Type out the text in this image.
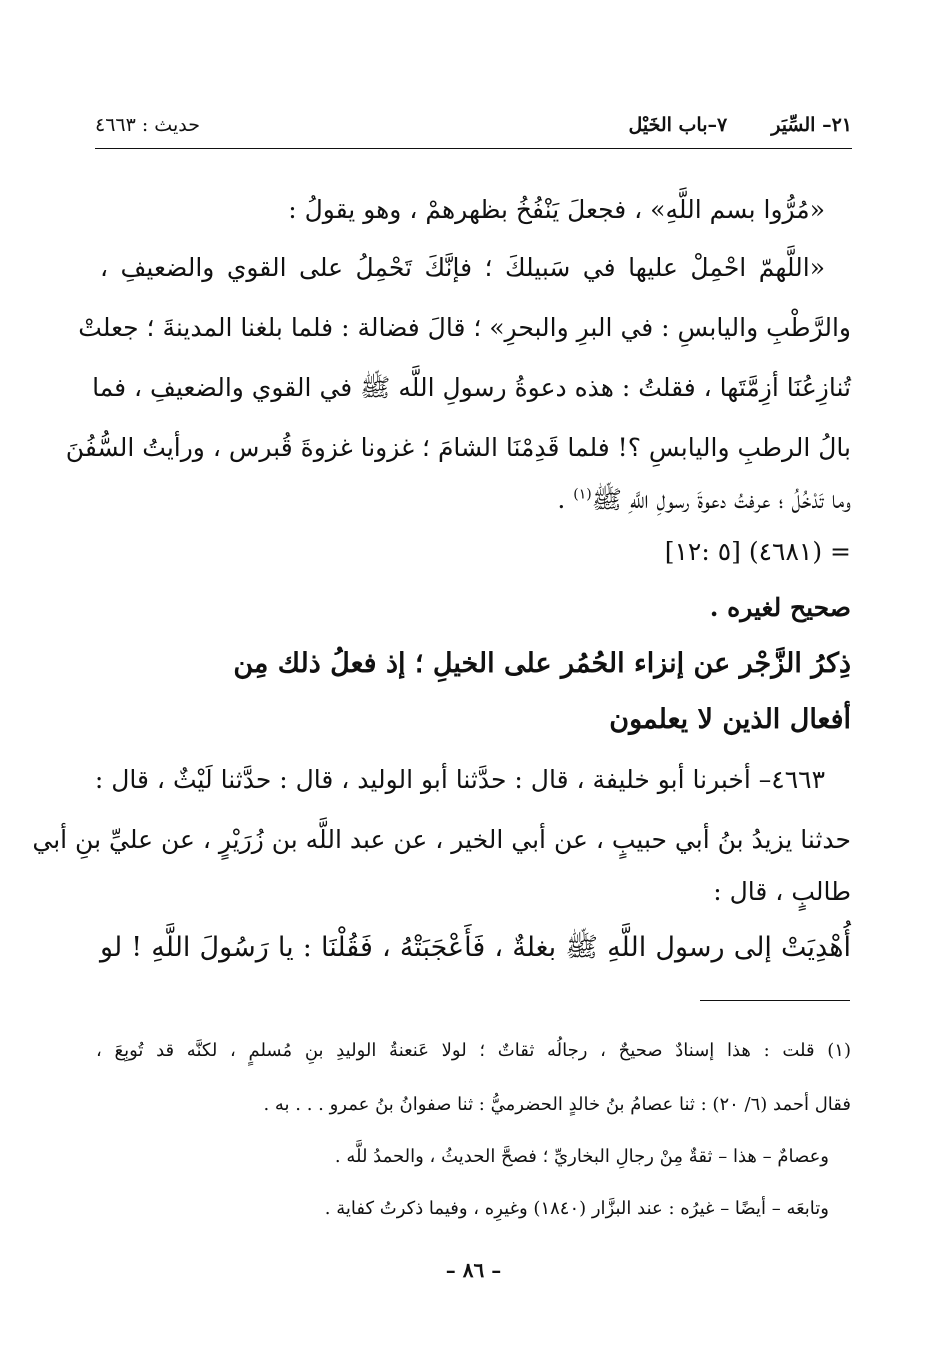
٢١– السِّيَر٧–باب الخَيْل
حديث : ٤٦٦٣
«مُرُّوا بسم اللَّهِ» ، فجعلَ يَنْفُخُ بظهرهمْ ، وهو يقولُ :
«اللَّهمّ احْمِلْ عليها في سَبيلكَ ؛ فإنَّكَ تَحْمِلُ على القوي والضعيفِ ،
والرَّطْبِ واليابسِ : في البرِ والبحرِ» ؛ قالَ فضالة : فلما بلغنا المدينةَ ؛ جعلتْ
تُنازِعُنَا أزِمَّتَها ، فقلتُ : هذه دعوةُ رسولِ اللَّه ﷺ في القوي والضعيفِ ، فما
بالُ الرطبِ واليابسِ ؟! فلما قَدِمْنَا الشامَ ؛ غزونا غزوةَ قُبرس ، ورأيتُ السُّفُنَ
وما تَدْخُلُ ؛ عرفتُ دعوةَ رسولِ اللَّهِ ﷺ$^{(١)}$ .
= (٤٦٨١) [٥ :١٢]
صحيح لغيره .
ذِكرُ الزَّجْر عن إنزاء الحُمُر على الخيلِ ؛ إذ فعلُ ذلك مِن
أفعال الذين لا يعلمون
٤٦٦٣– أخبرنا أبو خليفة ، قال : حدَّثنا أبو الوليد ، قال : حدَّثنا لَيْثٌ ، قال :
حدثنا يزيدُ بنُ أبي حبيبٍ ، عن أبي الخير ، عن عبد اللَّه بن زُرَيْرٍ ، عن عليِّ بنِ أبي
طالبٍ ، قال :
أُهْدِيَتْ إلى رسول اللَّهِ ﷺ بغلةٌ ، فَأَعْجَبَتْهُ ، فَقُلْنَا : يا رَسُولَ اللَّهِ ! لو
(١) قلت : هذا إسنادٌ صحيحٌ ، رجالُه ثقاتٌ ؛ لولا عَنعنةُ الوليدِ بنِ مُسلمٍ ، لكنَّه قد تُوبِعَ ،
فقال أحمد (٦/ ٢٠) : ثنا عصامُ بنُ خالدٍ الحضرميُّ : ثنا صفوانُ بنُ عمرو . . . به .
وعصامٌ – هذا – ثقةٌ مِنْ رجالِ البخاريِّ ؛ فصحَّ الحديثُ ، والحمدُ للَّه .
وتابعَه – أيضًا – غيرُه : عند البزَّار (١٨٤٠) وغيرِه ، وفيما ذكرتُ كفاية .
– ٨٦ –
